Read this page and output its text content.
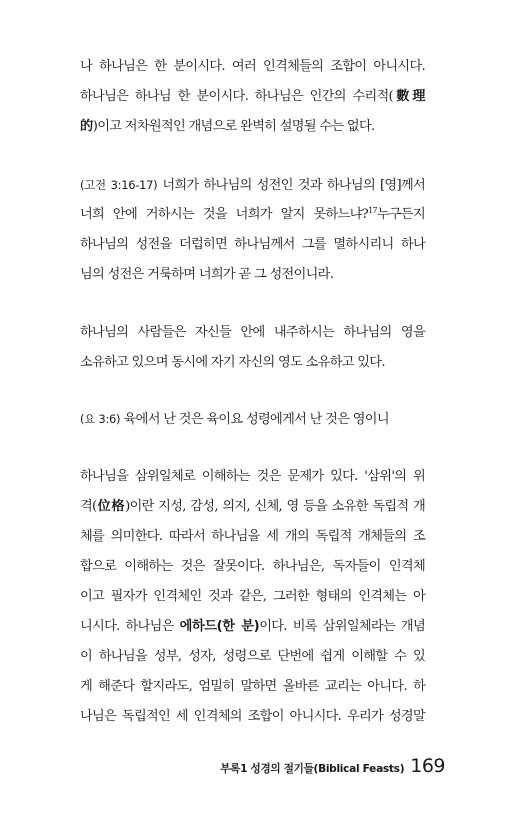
나 하나님은 한 분이시다. 여러 인격체들의 조합이 아니시다.
하나님은 하나님 한 분이시다. 하나님은 인간의 수리적(數理
的)이고 저차원적인 개념으로 완벽히 설명될 수는 없다.
(고전 3:16-17) 너희가 하나님의 성전인 것과 하나님의 [영]께서
너희 안에 거하시는 것을 너희가 알지 못하느냐?$^{17}$누구든지
하나님의 성전을 더럽히면 하나님께서 그를 멸하시리니 하나
님의 성전은 거룩하며 너희가 곧 그 성전이니라.
하나님의 사람들은 자신들 안에 내주하시는 하나님의 영을
소유하고 있으며 동시에 자기 자신의 영도 소유하고 있다.
(요 3:6) 육에서 난 것은 육이요 성령에게서 난 것은 영이니
하나님을 삼위일체로 이해하는 것은 문제가 있다. '삼위'의 위
격(位格)이란 지성, 감성, 의지, 신체, 영 등을 소유한 독립적 개
체를 의미한다. 따라서 하나님을 세 개의 독립적 개체들의 조
합으로 이해하는 것은 잘못이다. 하나님은, 독자들이 인격체
이고 필자가 인격체인 것과 같은, 그러한 형태의 인격체는 아
니시다. 하나님은 에하드(한 분)이다. 비록 삼위일체라는 개념
이 하나님을 성부, 성자, 성령으로 단번에 쉽게 이해할 수 있
게 해준다 할지라도, 엄밀히 말하면 올바른 교리는 아니다. 하
나님은 독립적인 세 인격체의 조합이 아니시다. 우리가 성경말
부록1 성경의 절기들(Biblical Feasts) 169
